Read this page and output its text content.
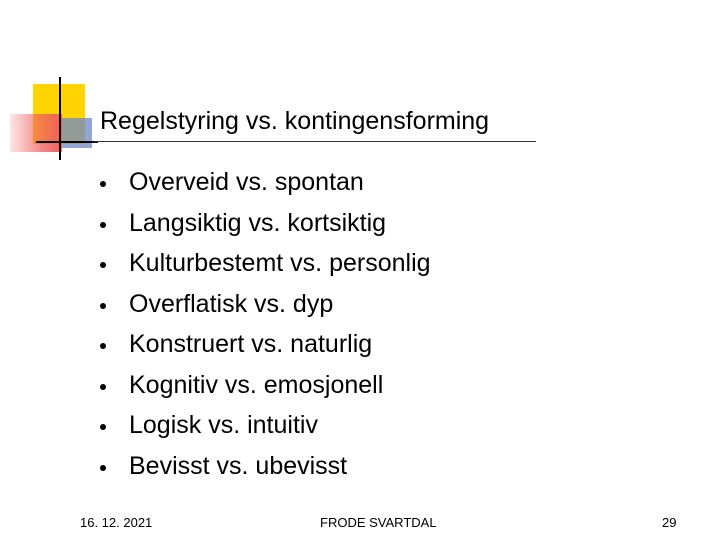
Regelstyring vs. kontingensforming
Overveid vs. spontan
Langsiktig vs. kortsiktig
Kulturbestemt vs. personlig
Overflatisk vs. dyp
Konstruert vs. naturlig
Kognitiv vs. emosjonell
Logisk vs. intuitiv
Bevisst vs. ubevisst
16. 12. 2021	FRODE SVARTDAL	29
